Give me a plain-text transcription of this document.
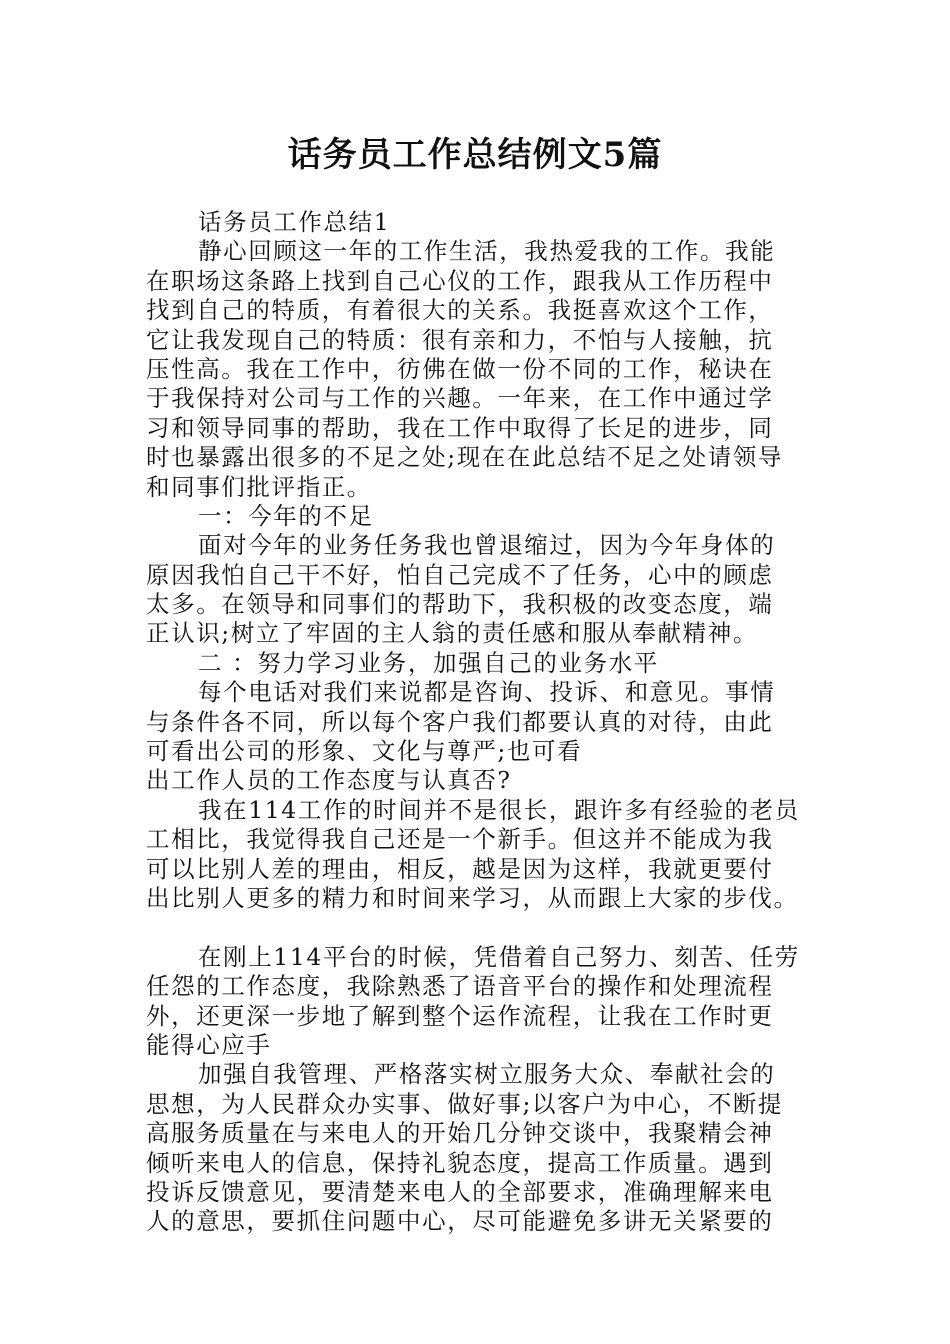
话务员工作总结例文5篇
话务员工作总结1
静心回顾这一年的工作生活，我热爱我的工作。我能
在职场这条路上找到自己心仪的工作，跟我从工作历程中
找到自己的特质，有着很大的关系。我挺喜欢这个工作，
它让我发现自己的特质：很有亲和力，不怕与人接触，抗
压性高。我在工作中，彷佛在做一份不同的工作，秘诀在
于我保持对公司与工作的兴趣。一年来，在工作中通过学
习和领导同事的帮助，我在工作中取得了长足的进步，同
时也暴露出很多的不足之处;现在在此总结不足之处请领导
和同事们批评指正。
一：今年的不足
面对今年的业务任务我也曾退缩过，因为今年身体的
原因我怕自己干不好，怕自己完成不了任务，心中的顾虑
太多。在领导和同事们的帮助下，我积极的改变态度，端
正认识;树立了牢固的主人翁的责任感和服从奉献精神。
二 ：努力学习业务，加强自己的业务水平
每个电话对我们来说都是咨询、投诉、和意见。事情
与条件各不同，所以每个客户我们都要认真的对待，由此
可看出公司的形象、文化与尊严;也可看
出工作人员的工作态度与认真否?
我在114工作的时间并不是很长，跟许多有经验的老员
工相比，我觉得我自己还是一个新手。但这并不能成为我
可以比别人差的理由，相反，越是因为这样，我就更要付
出比别人更多的精力和时间来学习，从而跟上大家的步伐。
在刚上114平台的时候，凭借着自己努力、刻苦、任劳
任怨的工作态度，我除熟悉了语音平台的操作和处理流程
外，还更深一步地了解到整个运作流程，让我在工作时更
能得心应手
加强自我管理、严格落实树立服务大众、奉献社会的
思想，为人民群众办实事、做好事;以客户为中心，不断提
高服务质量在与来电人的开始几分钟交谈中，我聚精会神
倾听来电人的信息，保持礼貌态度，提高工作质量。遇到
投诉反馈意见，要清楚来电人的全部要求，准确理解来电
人的意思，要抓住问题中心，尽可能避免多讲无关紧要的
